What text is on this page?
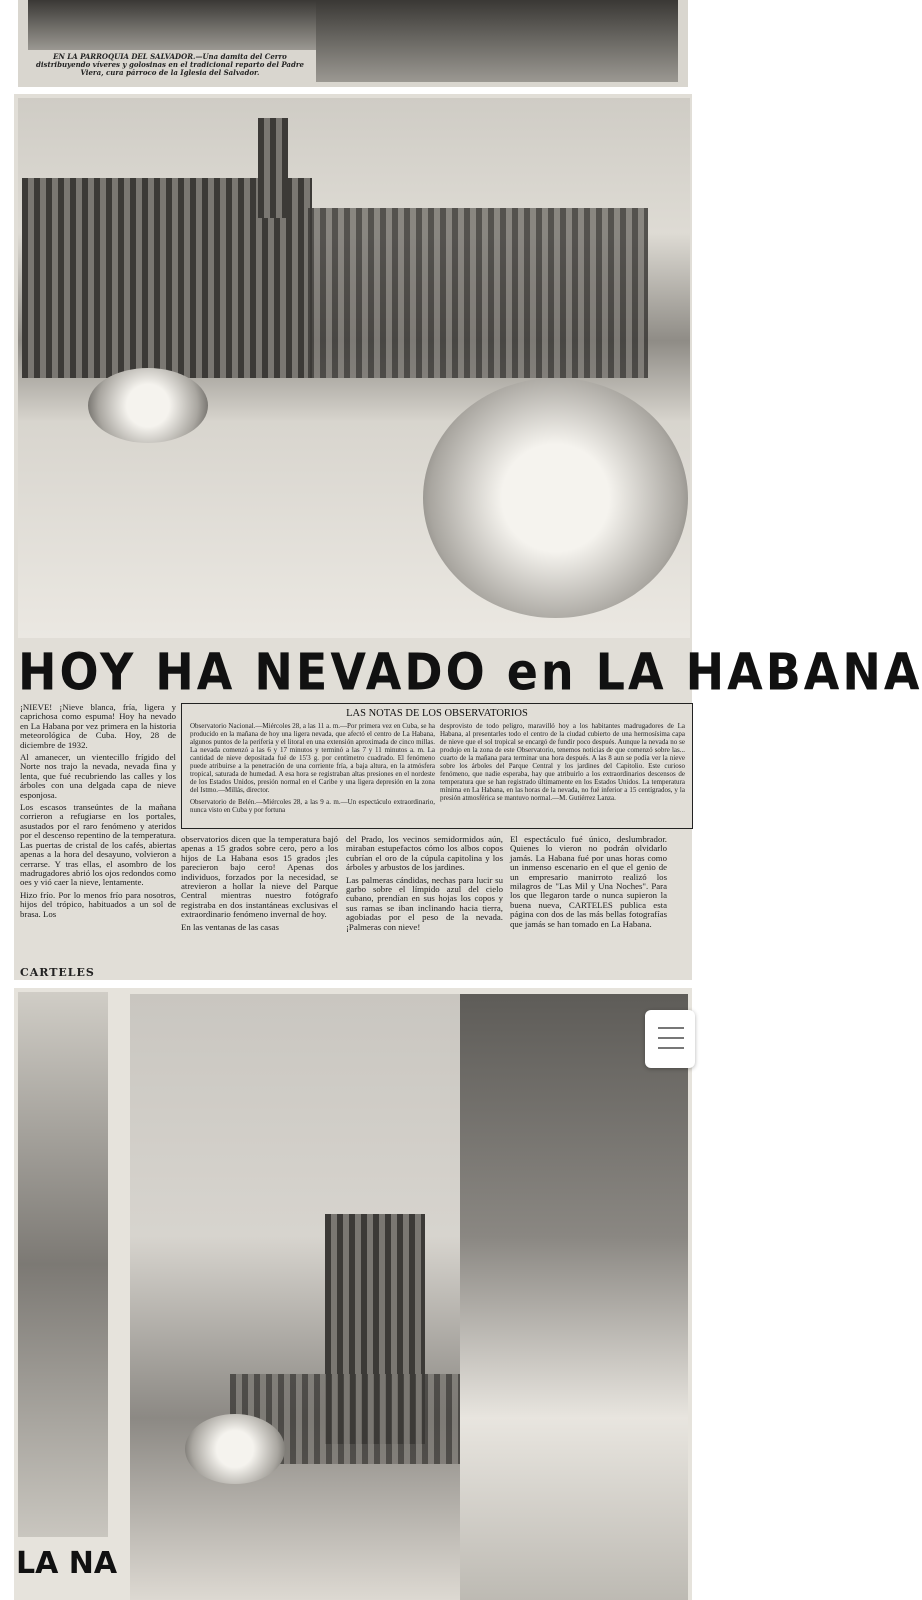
EN LA PARROQUIA DEL SALVADOR.—Una damita del Cerro distribuyendo víveres y golosinas en el tradicional reparto del Padre Viera, cura párroco de la Iglesia del Salvador.
HOY HA NEVADO en LA HABANA
LAS NOTAS DE LOS OBSERVATORIOS
Observatorio Nacional.—Miércoles 28, a las 11 a. m.—Por primera vez en Cuba, se ha producido en la mañana de hoy una ligera nevada, que afectó el centro de La Habana, algunos puntos de la periferia y el litoral en una extensión aproximada de cinco millas. La nevada comenzó a las 6 y 17 minutos y terminó a las 7 y 11 minutos a. m. La cantidad de nieve depositada fué de 15'3 g. por centímetro cuadrado. El fenómeno puede atribuirse a la penetración de una corriente fría, a baja altura, en la atmósfera tropical, saturada de humedad. A esa hora se registraban altas presiones en el nordeste de los Estados Unidos, presión normal en el Caribe y una ligera depresión en la zona del Istmo.—Millás, director.
Observatorio de Belén.—Miércoles 28, a las 9 a. m.—Un espectáculo extraordinario, nunca visto en Cuba y por fortuna
desprovisto de todo peligro, maravilló hoy a los habitantes madrugadores de La Habana, al presentarles todo el centro de la ciudad cubierto de una hermosísima capa de nieve que el sol tropical se encargó de fundir poco después. Aunque la nevada no se produjo en la zona de este Observatorio, tenemos noticias de que comenzó sobre las... cuarto de la mañana para terminar una hora después. A las 8 aun se podía ver la nieve sobre los árboles del Parque Central y los jardines del Capitolio. Este curioso fenómeno, que nadie esperaba, hay que atribuirlo a los extraordinarios descensos de temperatura que se han registrado últimamente en los Estados Unidos. La temperatura mínima en La Habana, en las horas de la nevada, no fué inferior a 15 centígrados, y la presión atmosférica se mantuvo normal.—M. Gutiérrez Lanza.

¡NIEVE! ¡Nieve blanca, fría, ligera y caprichosa como espuma! Hoy ha nevado en La Habana por vez primera en la historia meteorológica de Cuba. Hoy, 28 de diciembre de 1932.

Al amanecer, un vientecillo frígido del Norte nos trajo la nevada, nevada fina y lenta, que fué recubriendo las calles y los árboles con una delgada capa de nieve esponjosa.

Los escasos transeúntes de la mañana corrieron a refugiarse en los portales, asustados por el raro fenómeno y ateridos por el descenso repentino de la temperatura. Las puertas de cristal de los cafés, abiertas apenas a la hora del desayuno, volvieron a cerrarse. Y tras ellas, el asombro de los madrugadores abrió los ojos redondos como oes y vió caer la nieve, lentamente.

Hizo frío. Por lo menos frío para nosotros, hijos del trópico, habituados a un sol de brasa. Los

observatorios dicen que la temperatura bajó apenas a 15 grados sobre cero, pero a los hijos de La Habana esos 15 grados ¡les parecieron bajo cero! Apenas dos individuos, forzados por la necesidad, se atrevieron a hollar la nieve del Parque Central mientras nuestro fotógrafo registraba en dos instantáneas exclusivas el extraordinario fenómeno invernal de hoy.

En las ventanas de las casas

del Prado, los vecinos semidormidos aún, miraban estupefactos cómo los albos copos cubrían el oro de la cúpula capitolina y los árboles y arbustos de los jardines.

Las palmeras cándidas, nechas para lucir su garbo sobre el límpido azul del cielo cubano, prendían en sus hojas los copos y sus ramas se iban inclinando hacia tierra, agobiadas por el peso de la nevada. ¡Palmeras con nieve!

El espectáculo fué único, deslumbrador. Quienes lo vieron no podrán olvidarlo jamás. La Habana fué por unas horas como un inmenso escenario en el que el genio de un empresario manirroto realizó los milagros de "Las Mil y Una Noches". Para los que llegaron tarde o nunca supieron la buena nueva, CARTELES publica esta página con dos de las más bellas fotografías que jamás se han tomado en La Habana.

CARTELES
LA NA
